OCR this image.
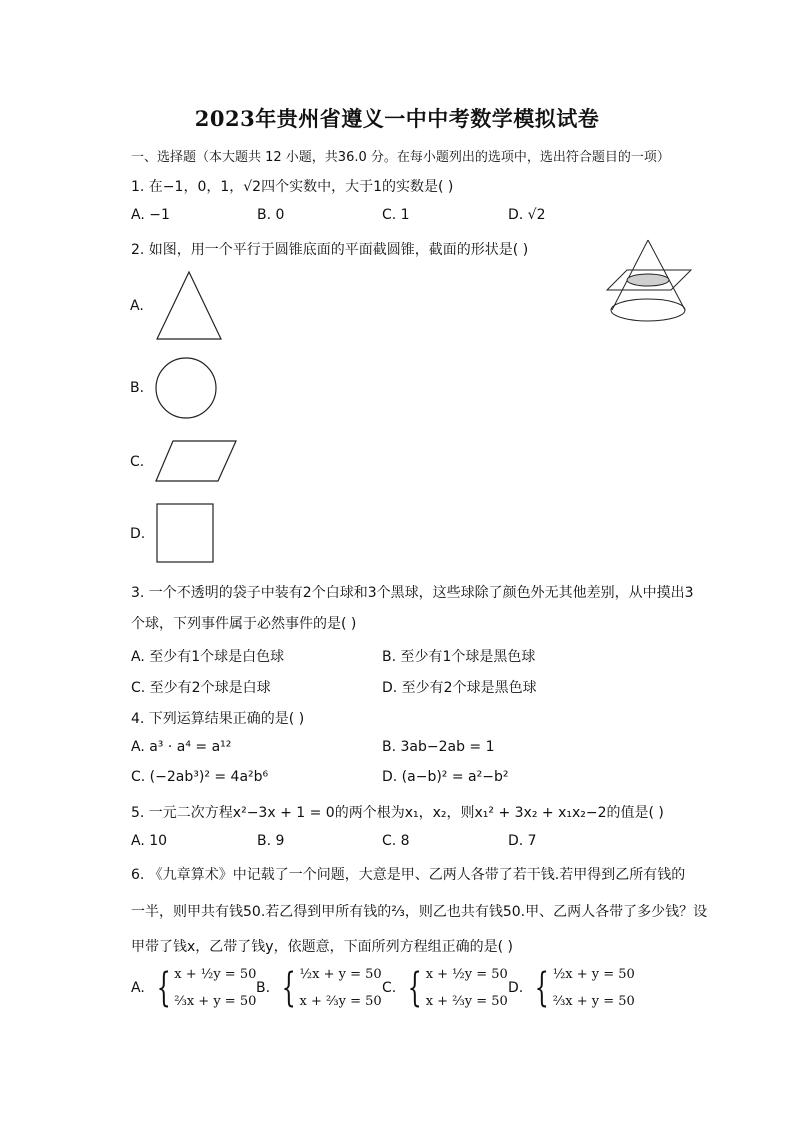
2023年贵州省遵义一中中考数学模拟试卷
一、选择题（本大题共 12 小题，共36.0 分。在每小题列出的选项中，选出符合题目的一项）
1. 在−1，0，1，√2四个实数中，大于1的实数是( )
A. −1	B. 0	C. 1	D. √2
2. 如图，用一个平行于圆锥底面的平面截圆锥，截面的形状是( )
A.
B.
C.
D.
3. 一个不透明的袋子中装有2个白球和3个黑球，这些球除了颜色外无其他差别，从中摸出3
个球，下列事件属于必然事件的是( )
A. 至少有1个球是白色球	B. 至少有1个球是黑色球
C. 至少有2个球是白球	D. 至少有2个球是黑色球
4. 下列运算结果正确的是( )
A. a³ · a⁴ = a¹²	B. 3ab−2ab = 1
C. (−2ab³)² = 4a²b⁶	D. (a−b)² = a²−b²
5. 一元二次方程x²−3x + 1 = 0的两个根为x₁，x₂，则x₁² + 3x₂ + x₁x₂−2的值是( )
A. 10	B. 9	C. 8	D. 7
6. 《九章算术》中记载了一个问题，大意是甲、乙两人各带了若干钱.若甲得到乙所有钱的
一半，则甲共有钱50.若乙得到甲所有钱的⅔，则乙也共有钱50.甲、乙两人各带了多少钱？设
甲带了钱x，乙带了钱y，依题意，下面所列方程组正确的是( )
A. { x + ½y = 50
⅔x + y = 50
B. { ½x + y = 50
x + ⅔y = 50
C. { x + ½y = 50
x + ⅔y = 50
D. { ½x + y = 50
⅔x + y = 50
